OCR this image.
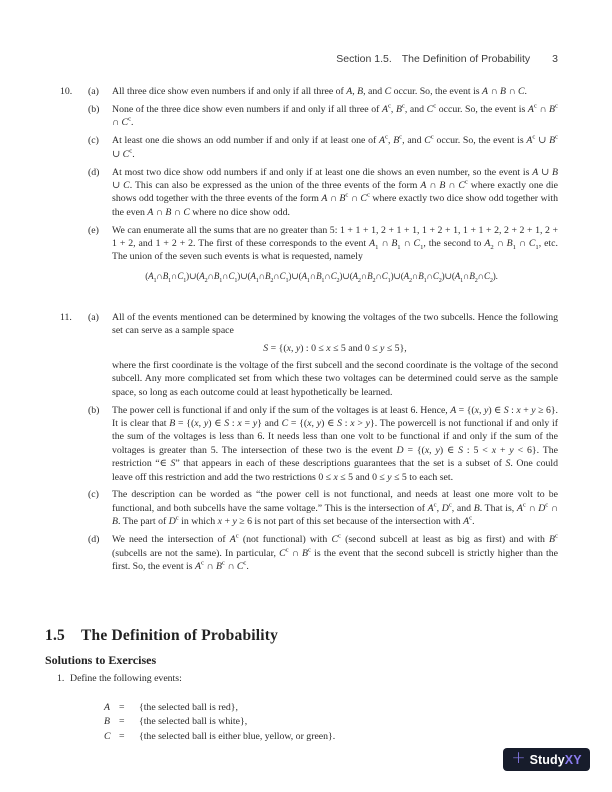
Section 1.5. The Definition of Probability 3
10.	(a)	All three dice show even numbers if and only if all three of A, B, and C occur. So, the event is A ∩ B ∩ C.
(b)	None of the three dice show even numbers if and only if all three of $A^c$, $B^c$, and $C^c$ occur. So, the event is $A^c$ ∩ $B^c$ ∩ $C^c$.
(c)	At least one die shows an odd number if and only if at least one of $A^c$, $B^c$, and $C^c$ occur. So, the event is $A^c$ ∪ $B^c$ ∪ $C^c$.
(d)	At most two dice show odd numbers if and only if at least one die shows an even number, so the event is A ∪ B ∪ C. This can also be expressed as the union of the three events of the form A ∩ B ∩ $C^c$ where exactly one die shows odd together with the three events of the form A ∩ $B^c$ ∩ $C^c$ where exactly two dice show odd together with the even A ∩ B ∩ C where no dice show odd.
(e)	We can enumerate all the sums that are no greater than 5: 1 + 1 + 1, 2 + 1 + 1, 1 + 2 + 1, 1 + 1 + 2, 2 + 2 + 1, 2 + 1 + 2, and 1 + 2 + 2. The first of these corresponds to the event $A_1$ ∩ $B_1$ ∩ $C_1$, the second to $A_2$ ∩ $B_1$ ∩ $C_1$, etc. The union of the seven such events is what is requested, namely

$(A_1\cap B_1\cap C_1)\cup(A_2\cap B_1\cap C_1)\cup(A_1\cap B_2\cap C_1)\cup(A_1\cap B_1\cap C_2)\cup(A_2\cap B_2\cap C_1)\cup(A_2\cap B_1\cap C_2)\cup(A_1\cap B_2\cap C_2)$.
11.	(a)	All of the events mentioned can be determined by knowing the voltages of the two subcells. Hence the following set can serve as a sample space

S = {(x, y) : 0 ≤ x ≤ 5 and 0 ≤ y ≤ 5},

where the first coordinate is the voltage of the first subcell and the second coordinate is the voltage of the second subcell. Any more complicated set from which these two voltages can be determined could serve as the sample space, so long as each outcome could at least hypothetically be learned.

(b)	The power cell is functional if and only if the sum of the voltages is at least 6. Hence, A = {(x, y) ∈ S : x + y ≥ 6}. It is clear that B = {(x, y) ∈ S : x = y} and C = {(x, y) ∈ S : x > y}. The powercell is not functional if and only if the sum of the voltages is less than 6. It needs less than one volt to be functional if and only if the sum of the voltages is greater than 5. The intersection of these two is the event D = {(x, y) ∈ S : 5 < x + y < 6}. The restriction “∈ S” that appears in each of these descriptions guarantees that the set is a subset of S. One could leave off this restriction and add the two restrictions 0 ≤ x ≤ 5 and 0 ≤ y ≤ 5 to each set.
(c)	The description can be worded as “the power cell is not functional, and needs at least one more volt to be functional, and both subcells have the same voltage.” This is the intersection of $A^c$, $D^c$, and B. That is, $A^c$ ∩ $D^c$ ∩ B. The part of $D^c$ in which x + y ≥ 6 is not part of this set because of the intersection with $A^c$.
(d)	We need the intersection of $A^c$ (not functional) with $C^c$ (second subcell at least as big as first) and with $B^c$ (subcells are not the same). In particular, $C^c$ ∩ $B^c$ is the event that the second subcell is strictly higher than the first. So, the event is $A^c$ ∩ $B^c$ ∩ $C^c$.
1.5 The Definition of Probability
Solutions to Exercises
1. Define the following events:
A =	{the selected ball is red},
B =	{the selected ball is white},
C =	{the selected ball is either blue, yellow, or green}.
+ StudyXY
